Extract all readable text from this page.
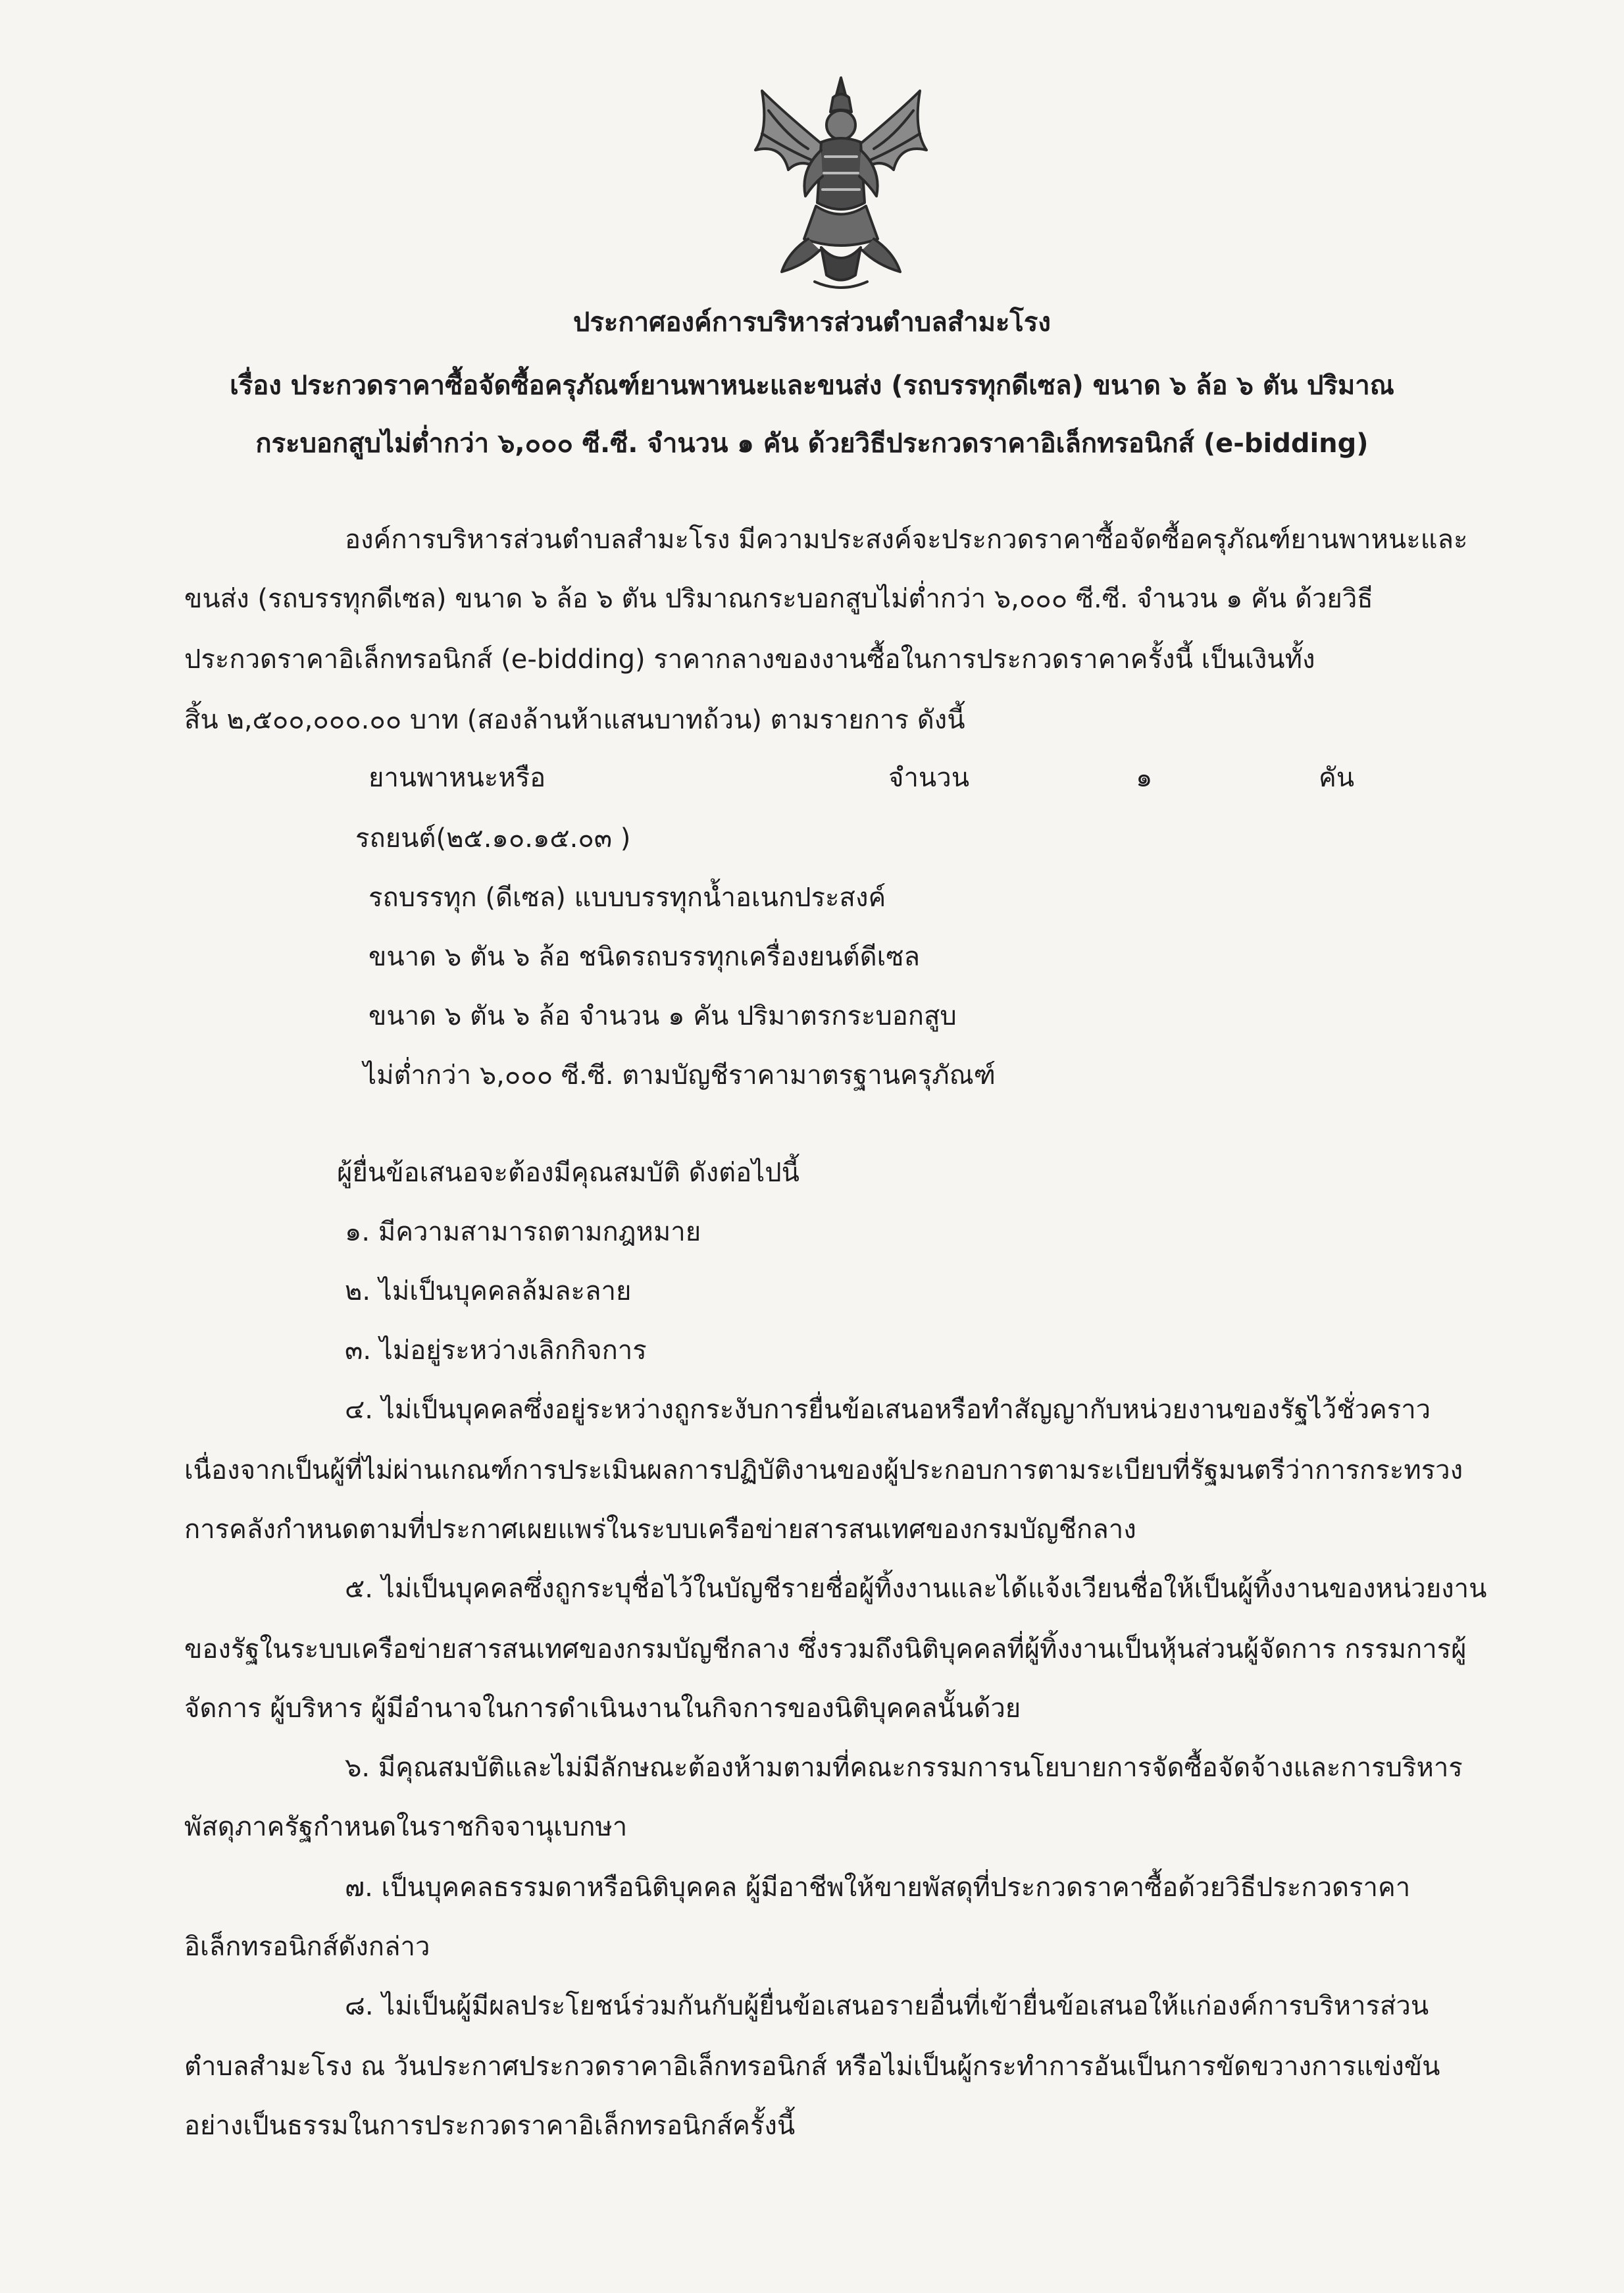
ประกาศองค์การบริหารส่วนตำบลสำมะโรง
เรื่อง ประกวดราคาซื้อจัดซื้อครุภัณฑ์ยานพาหนะและขนส่ง (รถบรรทุกดีเซล) ขนาด ๖ ล้อ ๖ ตัน ปริมาณ
กระบอกสูบไม่ต่ำกว่า ๖,๐๐๐ ซี.ซี. จำนวน ๑ คัน ด้วยวิธีประกวดราคาอิเล็กทรอนิกส์ (e-bidding)
องค์การบริหารส่วนตำบลสำมะโรง มีความประสงค์จะประกวดราคาซื้อจัดซื้อครุภัณฑ์ยานพาหนะและ
ขนส่ง (รถบรรทุกดีเซล) ขนาด ๖ ล้อ ๖ ตัน ปริมาณกระบอกสูบไม่ต่ำกว่า ๖,๐๐๐ ซี.ซี. จำนวน ๑ คัน ด้วยวิธี
ประกวดราคาอิเล็กทรอนิกส์ (e-bidding) ราคากลางของงานซื้อในการประกวดราคาครั้งนี้ เป็นเงินทั้ง
สิ้น ๒,๕๐๐,๐๐๐.๐๐ บาท (สองล้านห้าแสนบาทถ้วน) ตามรายการ ดังนี้
ยานพาหนะหรือ	จำนวน	๑	คัน
รถยนต์(๒๕.๑๐.๑๕.๐๓ )
รถบรรทุก (ดีเซล) แบบบรรทุกน้ำอเนกประสงค์
ขนาด ๖ ตัน ๖ ล้อ ชนิดรถบรรทุกเครื่องยนต์ดีเซล
ขนาด ๖ ตัน ๖ ล้อ จำนวน ๑ คัน ปริมาตรกระบอกสูบ
ไม่ต่ำกว่า ๖,๐๐๐ ซี.ซี. ตามบัญชีราคามาตรฐานครุภัณฑ์
ผู้ยื่นข้อเสนอจะต้องมีคุณสมบัติ ดังต่อไปนี้
๑. มีความสามารถตามกฎหมาย
๒. ไม่เป็นบุคคลล้มละลาย
๓. ไม่อยู่ระหว่างเลิกกิจการ
๔. ไม่เป็นบุคคลซึ่งอยู่ระหว่างถูกระงับการยื่นข้อเสนอหรือทำสัญญากับหน่วยงานของรัฐไว้ชั่วคราว
เนื่องจากเป็นผู้ที่ไม่ผ่านเกณฑ์การประเมินผลการปฏิบัติงานของผู้ประกอบการตามระเบียบที่รัฐมนตรีว่าการกระทรวง
การคลังกำหนดตามที่ประกาศเผยแพร่ในระบบเครือข่ายสารสนเทศของกรมบัญชีกลาง
๕. ไม่เป็นบุคคลซึ่งถูกระบุชื่อไว้ในบัญชีรายชื่อผู้ทิ้งงานและได้แจ้งเวียนชื่อให้เป็นผู้ทิ้งงานของหน่วยงาน
ของรัฐในระบบเครือข่ายสารสนเทศของกรมบัญชีกลาง ซึ่งรวมถึงนิติบุคคลที่ผู้ทิ้งงานเป็นหุ้นส่วนผู้จัดการ กรรมการผู้
จัดการ ผู้บริหาร ผู้มีอำนาจในการดำเนินงานในกิจการของนิติบุคคลนั้นด้วย
๖. มีคุณสมบัติและไม่มีลักษณะต้องห้ามตามที่คณะกรรมการนโยบายการจัดซื้อจัดจ้างและการบริหาร
พัสดุภาครัฐกำหนดในราชกิจจานุเบกษา
๗. เป็นบุคคลธรรมดาหรือนิติบุคคล ผู้มีอาชีพให้ขายพัสดุที่ประกวดราคาซื้อด้วยวิธีประกวดราคา
อิเล็กทรอนิกส์ดังกล่าว
๘. ไม่เป็นผู้มีผลประโยชน์ร่วมกันกับผู้ยื่นข้อเสนอรายอื่นที่เข้ายื่นข้อเสนอให้แก่องค์การบริหารส่วน
ตำบลสำมะโรง ณ วันประกาศประกวดราคาอิเล็กทรอนิกส์ หรือไม่เป็นผู้กระทำการอันเป็นการขัดขวางการแข่งขัน
อย่างเป็นธรรมในการประกวดราคาอิเล็กทรอนิกส์ครั้งนี้
